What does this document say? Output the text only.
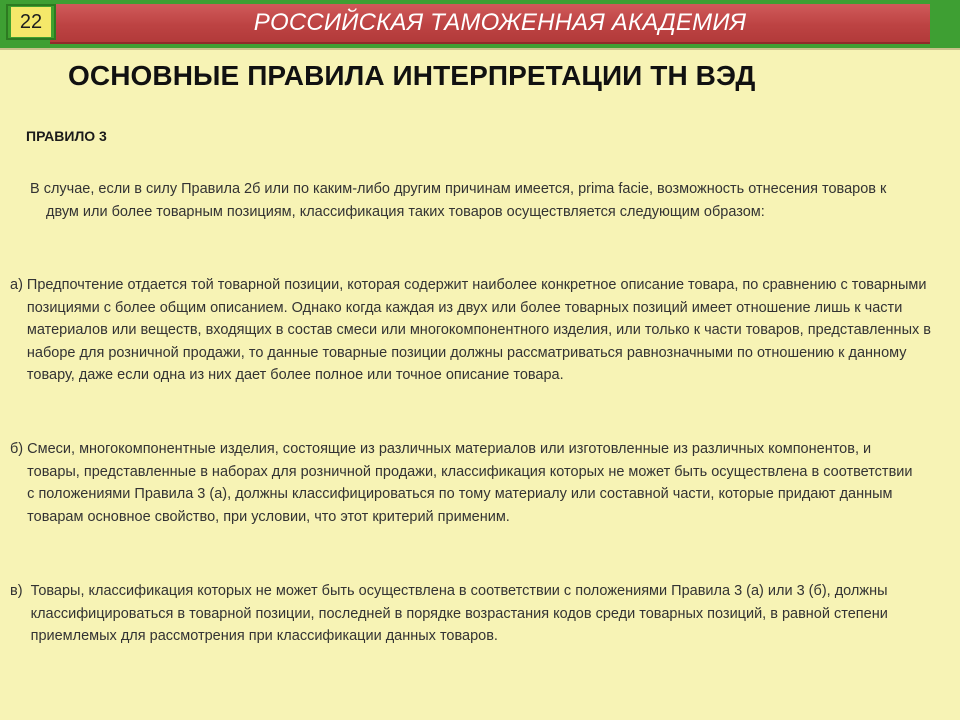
РОССИЙСКАЯ ТАМОЖЕННАЯ АКАДЕМИЯ
22
ОСНОВНЫЕ ПРАВИЛА ИНТЕРПРЕТАЦИИ ТН ВЭД
ПРАВИЛО 3
В случае, если в силу Правила 2б или по каким-либо другим причинам имеется, prima facie, возможность отнесения товаров к двум или более товарным позициям, классификация таких товаров осуществляется следующим образом:
а) Предпочтение отдается той товарной позиции, которая содержит наиболее конкретное описание товара, по сравнению с товарными позициями с более общим описанием. Однако когда каждая из двух или более товарных позиций имеет отношение лишь к части материалов или веществ, входящих в состав смеси или многокомпонентного изделия, или только к части товаров, представленных в наборе для розничной продажи, то данные товарные позиции должны рассматриваться равнозначными по отношению к данному товару, даже если одна из них дает более полное или точное описание товара.
б) Смеси, многокомпонентные изделия, состоящие из различных материалов или изготовленные из различных компонентов, и товары, представленные в наборах для розничной продажи, классификация которых не может быть осуществлена в соответствии с положениями Правила 3 (а), должны классифицироваться по тому материалу или составной части, которые придают данным товарам основное свойство, при условии, что этот критерий применим.
в) Товары, классификация которых не может быть осуществлена в соответствии с положениями Правила 3 (а) или 3 (б), должны классифицироваться в товарной позиции, последней в порядке возрастания кодов среди товарных позиций, в равной степени приемлемых для рассмотрения при классификации данных товаров.
